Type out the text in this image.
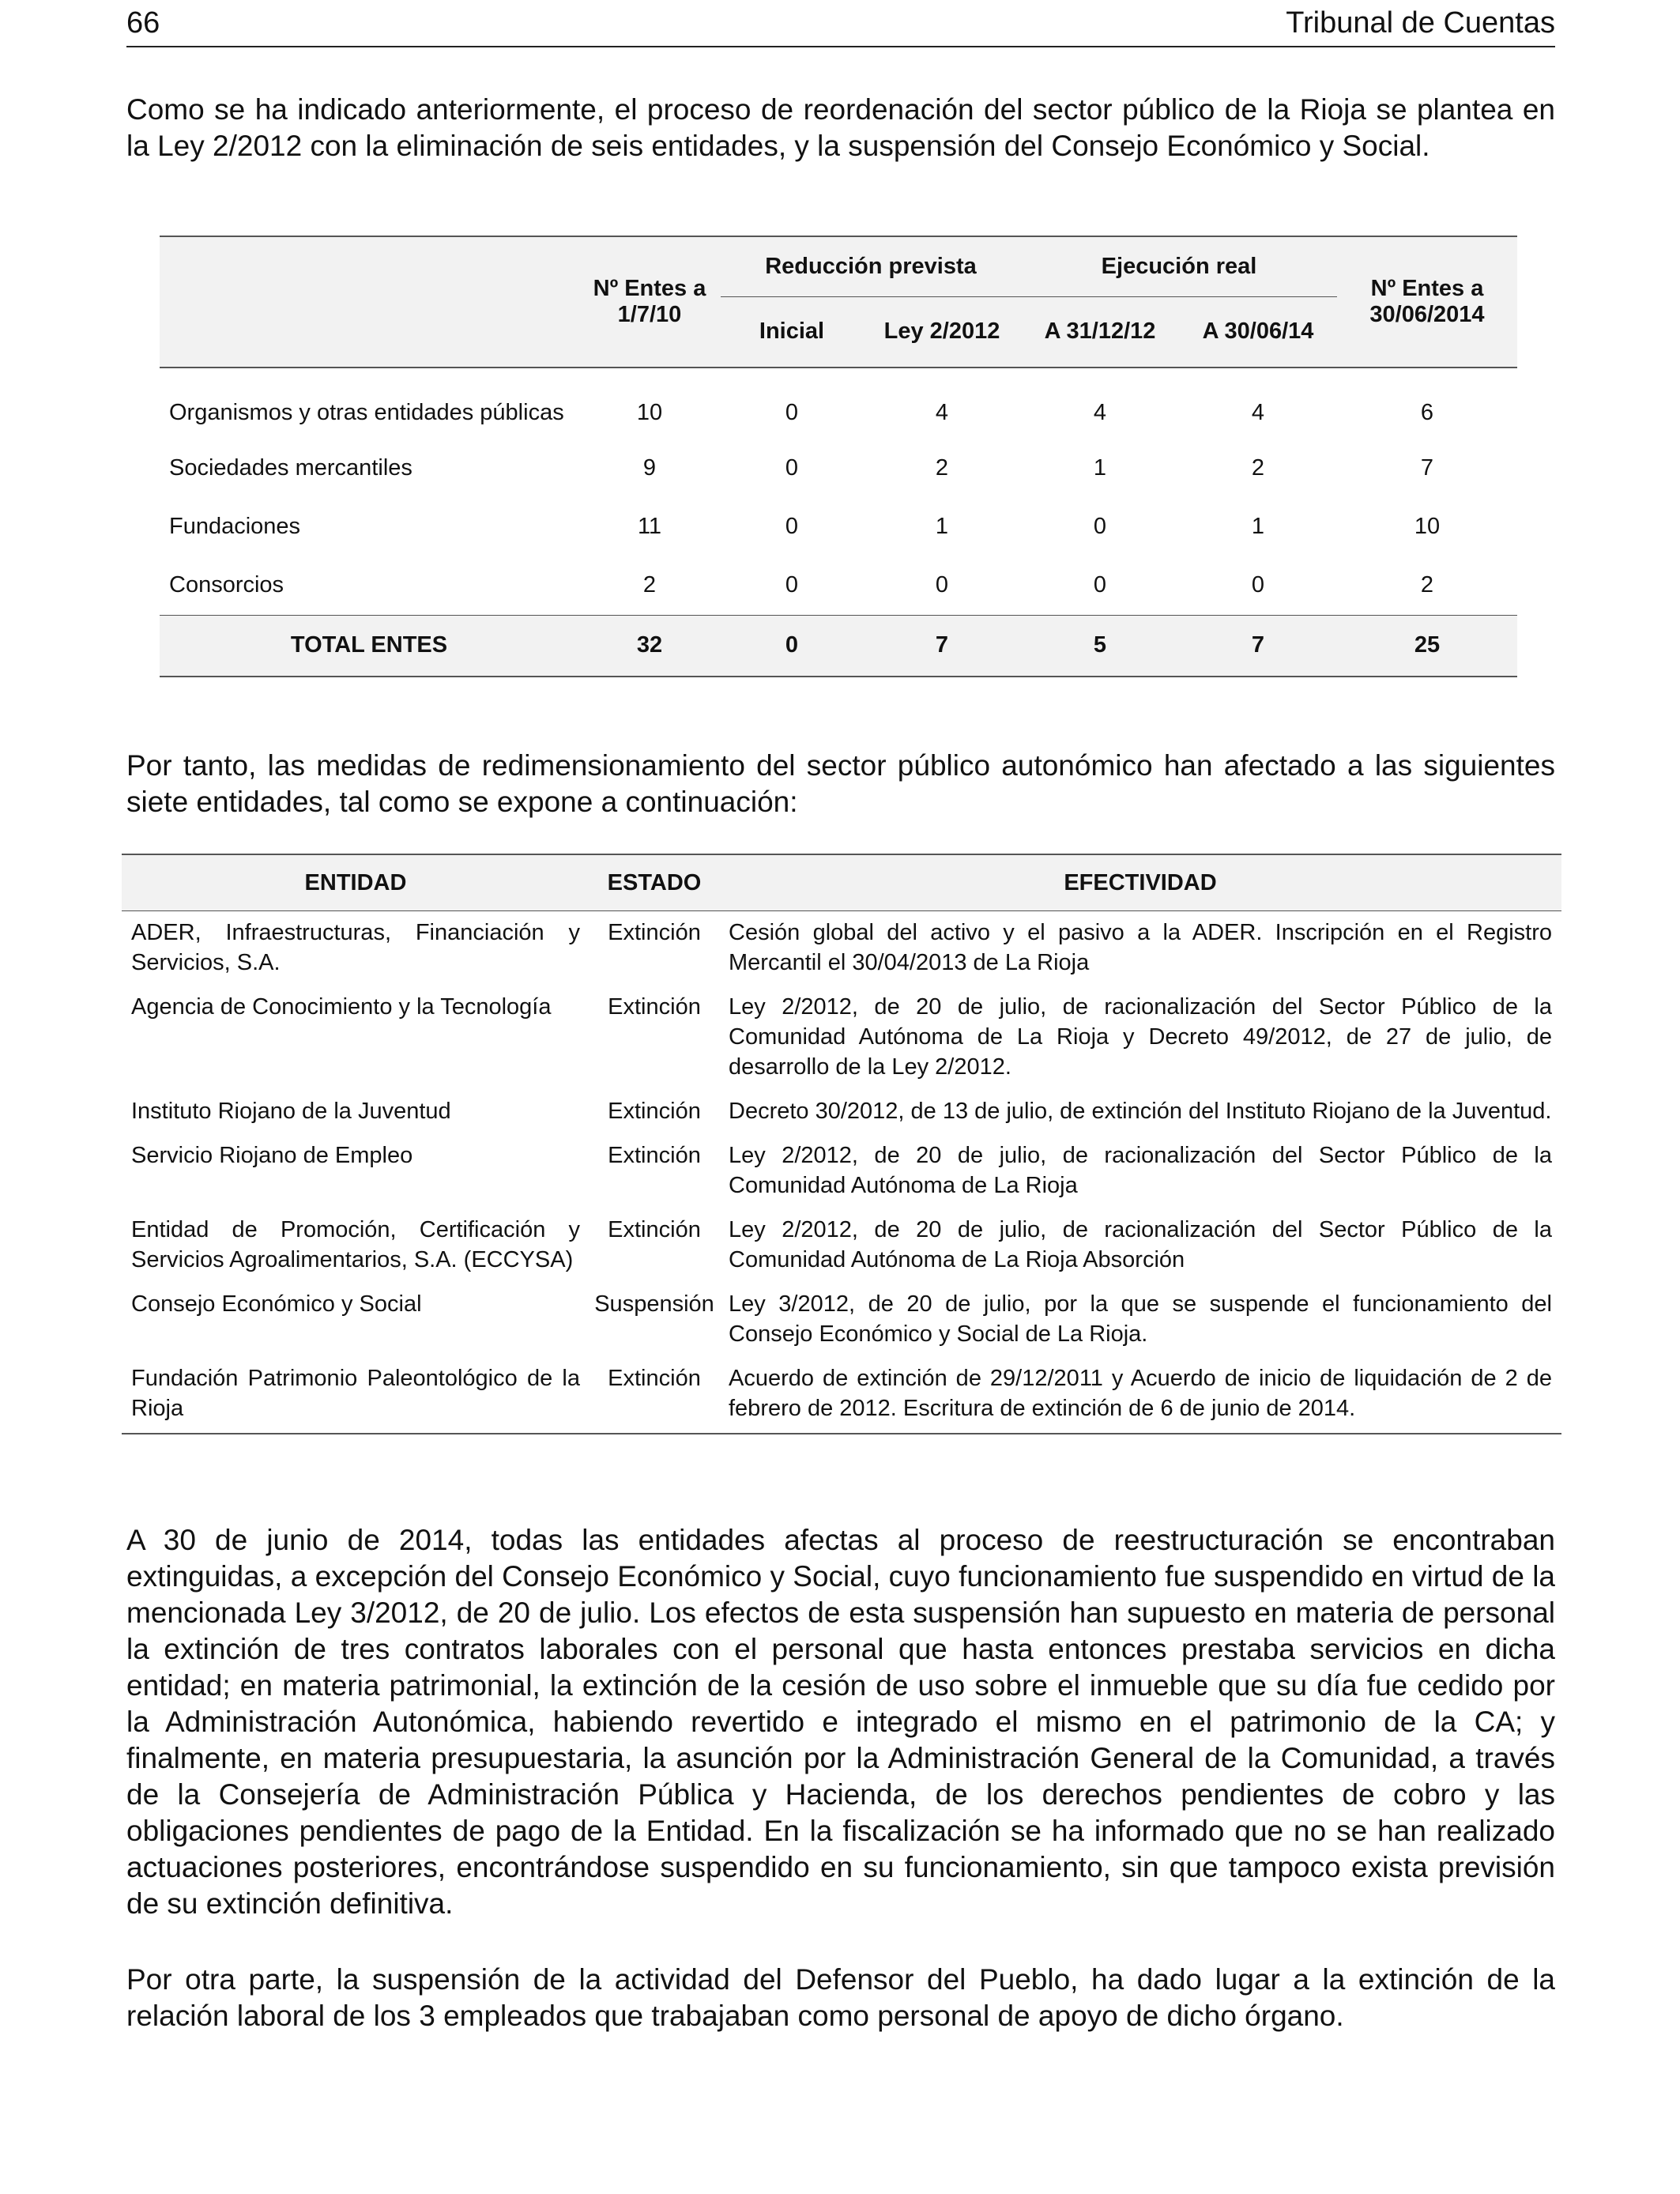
66	Tribunal de Cuentas

Como se ha indicado anteriormente, el proceso de reordenación del sector público de la Rioja se plantea en la Ley 2/2012 con la eliminación de seis entidades, y la suspensión del Consejo Económico y Social.

	Nº Entes a 1/7/10	Reducción prevista		Ejecución real		Nº Entes a 30/06/2014
		Inicial	Ley 2/2012	A 31/12/12	A 30/06/14	
Organismos y otras entidades públicas	10	0	4	4	4	6
Sociedades mercantiles	9	0	2	1	2	7
Fundaciones	11	0	1	0	1	10
Consorcios	2	0	0	0	0	2
TOTAL ENTES	32	0	7	5	7	25

Por tanto, las medidas de redimensionamiento del sector público autonómico han afectado a las siguientes siete entidades, tal como se expone a continuación:

ENTIDAD	ESTADO	EFECTIVIDAD
ADER, Infraestructuras, Financiación y Servicios, S.A.	Extinción	Cesión global del activo y el pasivo a la ADER. Inscripción en el Registro Mercantil el 30/04/2013 de La Rioja
Agencia de Conocimiento y la Tecnología	Extinción	Ley 2/2012, de 20 de julio, de racionalización del Sector Público de la Comunidad Autónoma de La Rioja y Decreto 49/2012, de 27 de julio, de desarrollo de la Ley 2/2012.
Instituto Riojano de la Juventud	Extinción	Decreto 30/2012, de 13 de julio, de extinción del Instituto Riojano de la Juventud.
Servicio Riojano de Empleo	Extinción	Ley 2/2012, de 20 de julio, de racionalización del Sector Público de la Comunidad Autónoma de La Rioja
Entidad de Promoción, Certificación y Servicios Agroalimentarios, S.A. (ECCYSA)	Extinción	Ley 2/2012, de 20 de julio, de racionalización del Sector Público de la Comunidad Autónoma de La Rioja Absorción
Consejo Económico y Social	Suspensión	Ley 3/2012, de 20 de julio, por la que se suspende el funcionamiento del Consejo Económico y Social de La Rioja.
Fundación Patrimonio Paleontológico de la Rioja	Extinción	Acuerdo de extinción de 29/12/2011 y Acuerdo de inicio de liquidación de 2 de febrero de 2012. Escritura de extinción de 6 de junio de 2014.

A 30 de junio de 2014, todas las entidades afectas al proceso de reestructuración se encontraban extinguidas, a excepción del Consejo Económico y Social, cuyo funcionamiento fue suspendido en virtud de la mencionada Ley 3/2012, de 20 de julio. Los efectos de esta suspensión han supuesto en materia de personal la extinción de tres contratos laborales con el personal que hasta entonces prestaba servicios en dicha entidad; en materia patrimonial, la extinción de la cesión de uso sobre el inmueble que su día fue cedido por la Administración Autonómica, habiendo revertido e integrado el mismo en el patrimonio de la CA; y finalmente, en materia presupuestaria, la asunción por la Administración General de la Comunidad, a través de la Consejería de Administración Pública y Hacienda, de los derechos pendientes de cobro y las obligaciones pendientes de pago de la Entidad. En la fiscalización se ha informado que no se han realizado actuaciones posteriores, encontrándose suspendido en su funcionamiento, sin que tampoco exista previsión de su extinción definitiva.

Por otra parte, la suspensión de la actividad del Defensor del Pueblo, ha dado lugar a la extinción de la relación laboral de los 3 empleados que trabajaban como personal de apoyo de dicho órgano.
